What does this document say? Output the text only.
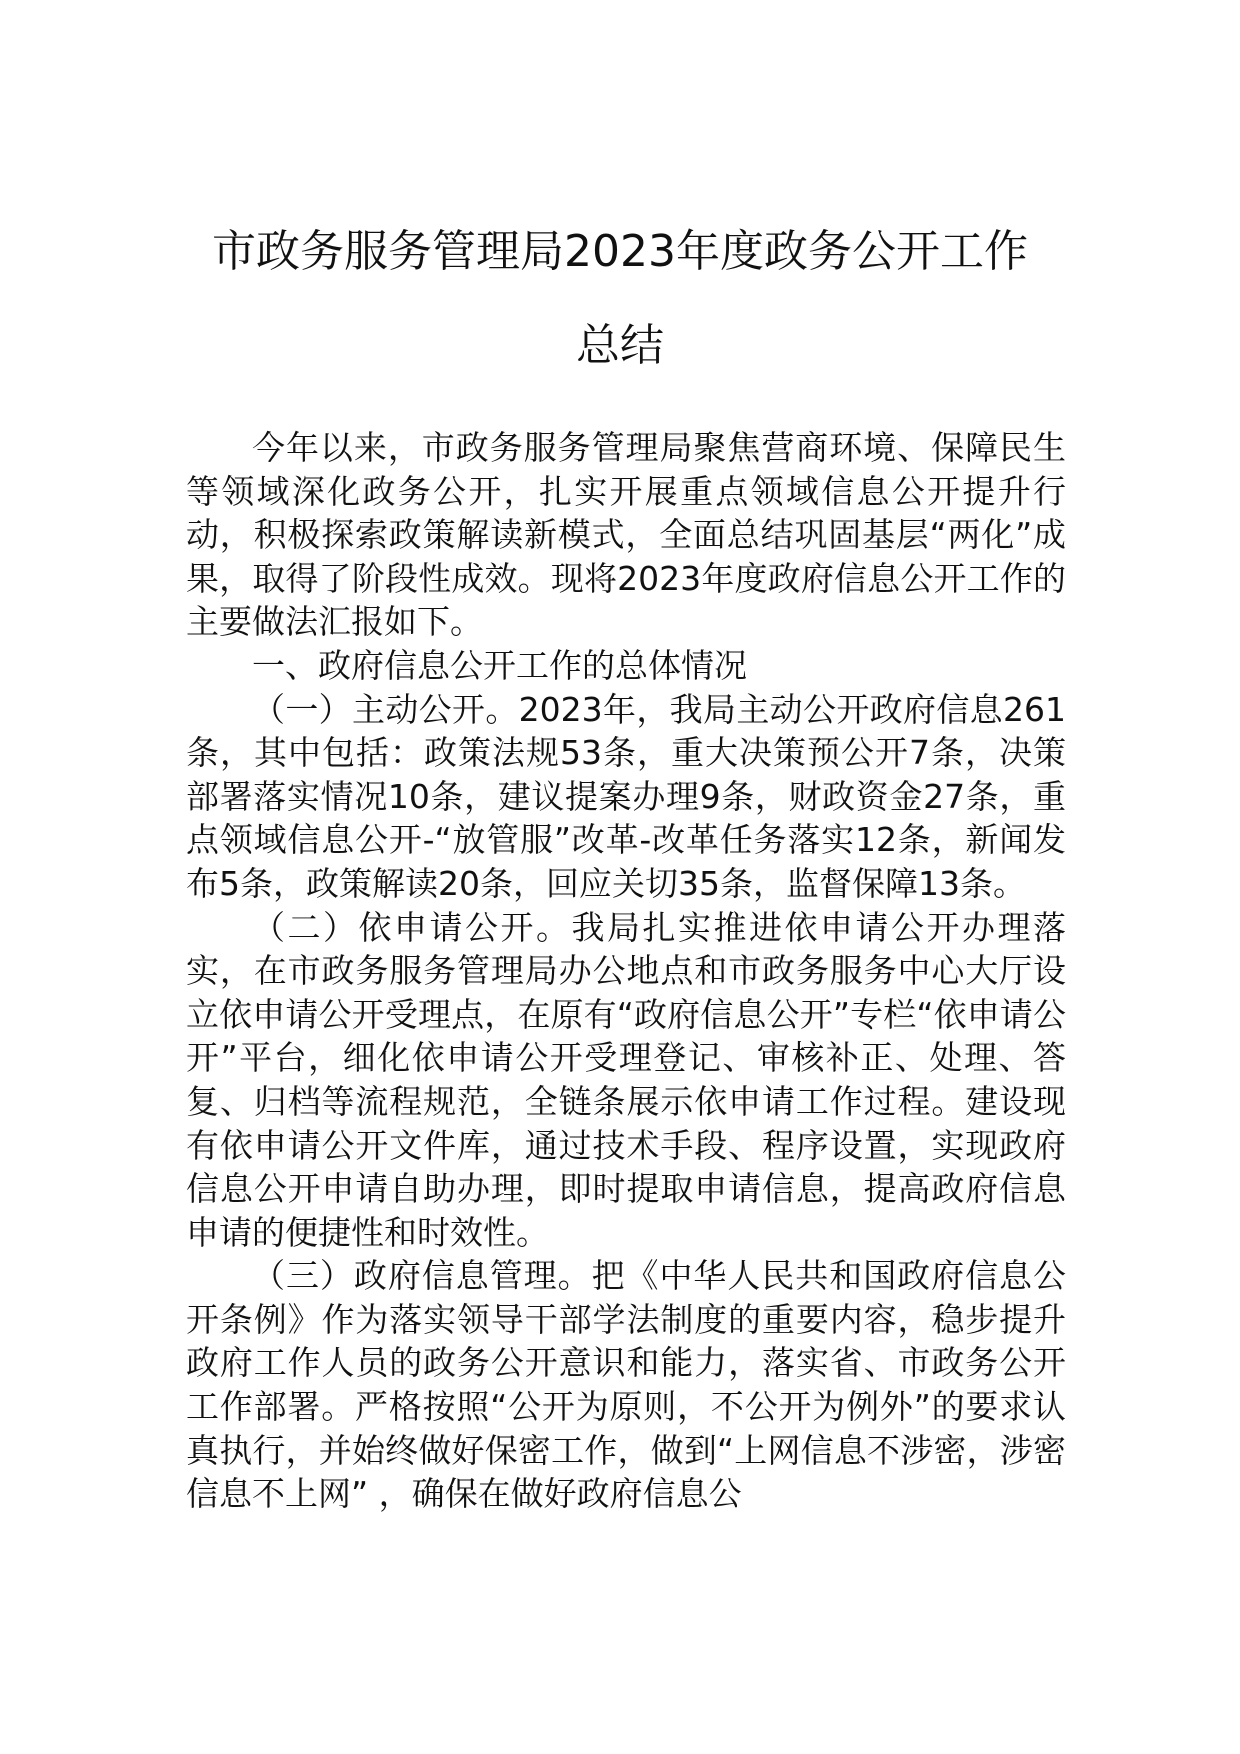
市政务服务管理局2023年度政务公开工作
总结

今年以来，市政务服务管理局聚焦营商环境、保障民生等领域深化政务公开，扎实开展重点领域信息公开提升行动，积极探索政策解读新模式，全面总结巩固基层“两化”成果，取得了阶段性成效。现将2023年度政府信息公开工作的主要做法汇报如下。

一、政府信息公开工作的总体情况

（一）主动公开。2023年，我局主动公开政府信息261条，其中包括：政策法规53条，重大决策预公开7条，决策部署落实情况10条，建议提案办理9条，财政资金27条，重点领域信息公开-“放管服”改革-改革任务落实12条，新闻发布5条，政策解读20条，回应关切35条，监督保障13条。

（二）依申请公开。我局扎实推进依申请公开办理落实，在市政务服务管理局办公地点和市政务服务中心大厅设立依申请公开受理点，在原有“政府信息公开”专栏“依申请公开”平台，细化依申请公开受理登记、审核补正、处理、答复、归档等流程规范，全链条展示依申请工作过程。建设现有依申请公开文件库，通过技术手段、程序设置，实现政府信息公开申请自助办理，即时提取申请信息，提高政府信息申请的便捷性和时效性。

（三）政府信息管理。把《中华人民共和国政府信息公开条例》作为落实领导干部学法制度的重要内容，稳步提升政府工作人员的政务公开意识和能力，落实省、市政务公开工作部署。严格按照“公开为原则，不公开为例外”的要求认真执行，并始终做好保密工作，做到“上网信息不涉密，涉密信息不上网” ，确保在做好政府信息公
